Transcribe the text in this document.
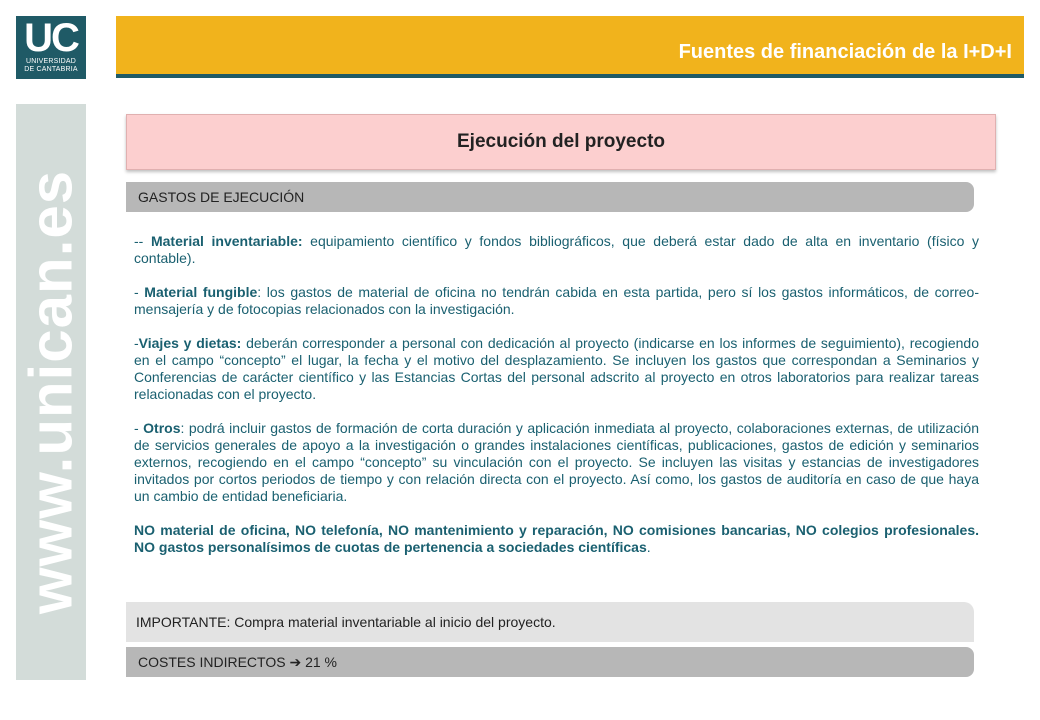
UC
UNIVERSIDAD
DE CANTABRIA
Fuentes de financiación de la I+D+I
www.unican.es
Ejecución del proyecto
GASTOS DE EJECUCIÓN

-- Material inventariable: equipamiento científico y fondos bibliográficos, que deberá estar dado de alta en inventario (físico y contable).

- Material fungible: los gastos de material de oficina no tendrán cabida en esta partida, pero sí los gastos informáticos, de correo-mensajería y de fotocopias relacionados con la investigación.

-Viajes y dietas: deberán corresponder a personal con dedicación al proyecto (indicarse en los informes de seguimiento), recogiendo en el campo “concepto” el lugar, la fecha y el motivo del desplazamiento. Se incluyen los gastos que correspondan a Seminarios y Conferencias de carácter científico y las Estancias Cortas del personal adscrito al proyecto en otros laboratorios para realizar tareas relacionadas con el proyecto.

- Otros: podrá incluir gastos de formación de corta duración y aplicación inmediata al proyecto, colaboraciones externas, de utilización de servicios generales de apoyo a la investigación o grandes instalaciones científicas, publicaciones, gastos de edición y seminarios externos, recogiendo en el campo “concepto” su vinculación con el proyecto. Se incluyen las visitas y estancias de investigadores invitados por cortos periodos de tiempo y con relación directa con el proyecto. Así como, los gastos de auditoría en caso de que haya un cambio de entidad beneficiaria.

NO material de oficina, NO telefonía, NO mantenimiento y reparación, NO comisiones bancarias, NO colegios profesionales. NO gastos personalísimos de cuotas de pertenencia a sociedades científicas.

IMPORTANTE: Compra material inventariable al inicio del proyecto.
COSTES INDIRECTOS
➔
21 %
